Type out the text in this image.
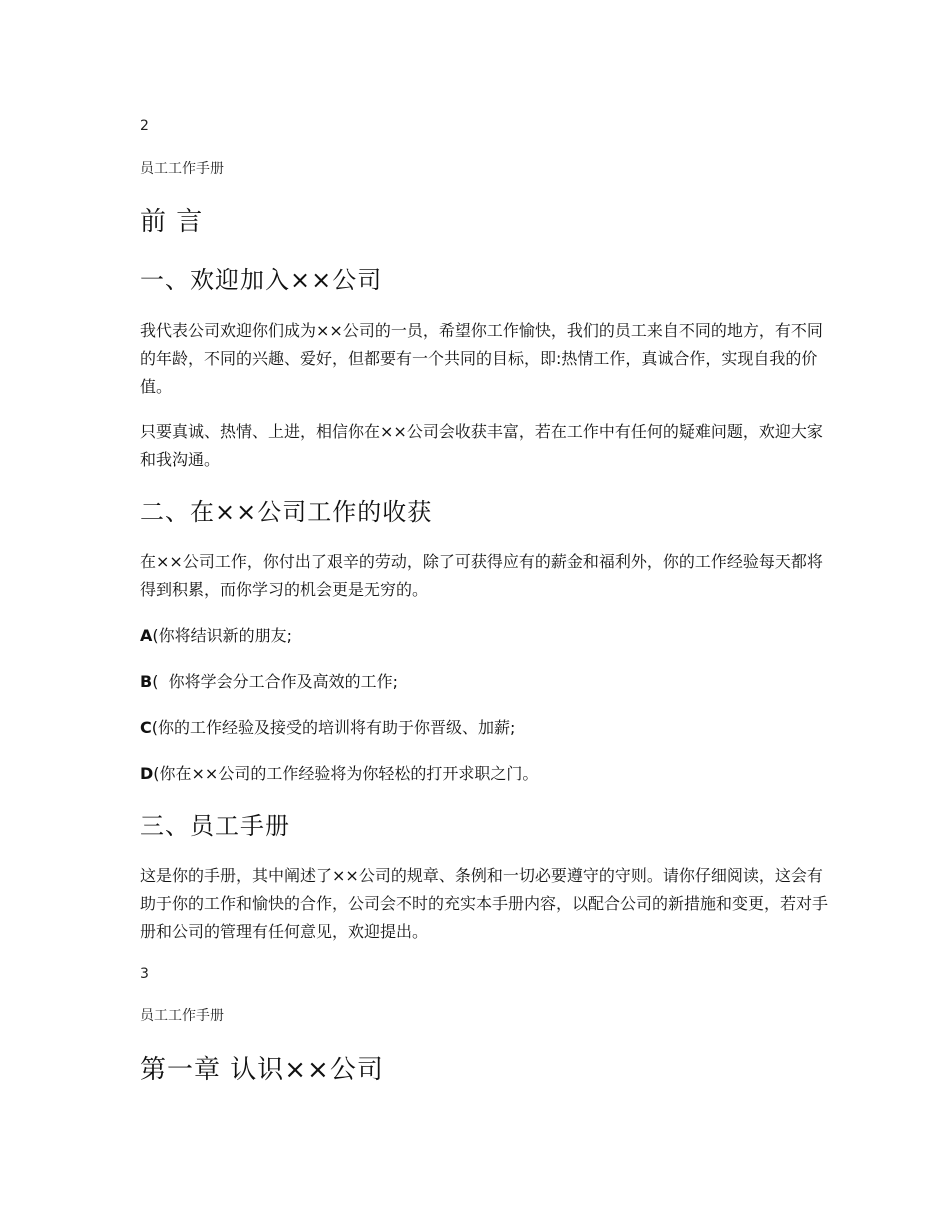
2
员工工作手册
前 言
一、欢迎加入××公司

我代表公司欢迎你们成为××公司的一员，希望你工作愉快，我们的员工来自不同的地方，有不同的年龄，不同的兴趣、爱好，但都要有一个共同的目标，即:热情工作，真诚合作，实现自我的价值。

只要真诚、热情、上进，相信你在××公司会收获丰富，若在工作中有任何的疑难问题，欢迎大家和我沟通。

二、在××公司工作的收获

在××公司工作，你付出了艰辛的劳动，除了可获得应有的薪金和福利外，你的工作经验每天都将得到积累，而你学习的机会更是无穷的。

A(你将结识新的朋友;
B(  你将学会分工合作及高效的工作;
C(你的工作经验及接受的培训将有助于你晋级、加薪;
D(你在××公司的工作经验将为你轻松的打开求职之门。
三、员工手册

这是你的手册，其中阐述了××公司的规章、条例和一切必要遵守的守则。请你仔细阅读，这会有助于你的工作和愉快的合作，公司会不时的充实本手册内容，以配合公司的新措施和变更，若对手册和公司的管理有任何意见，欢迎提出。

3
员工工作手册
第一章 认识××公司
